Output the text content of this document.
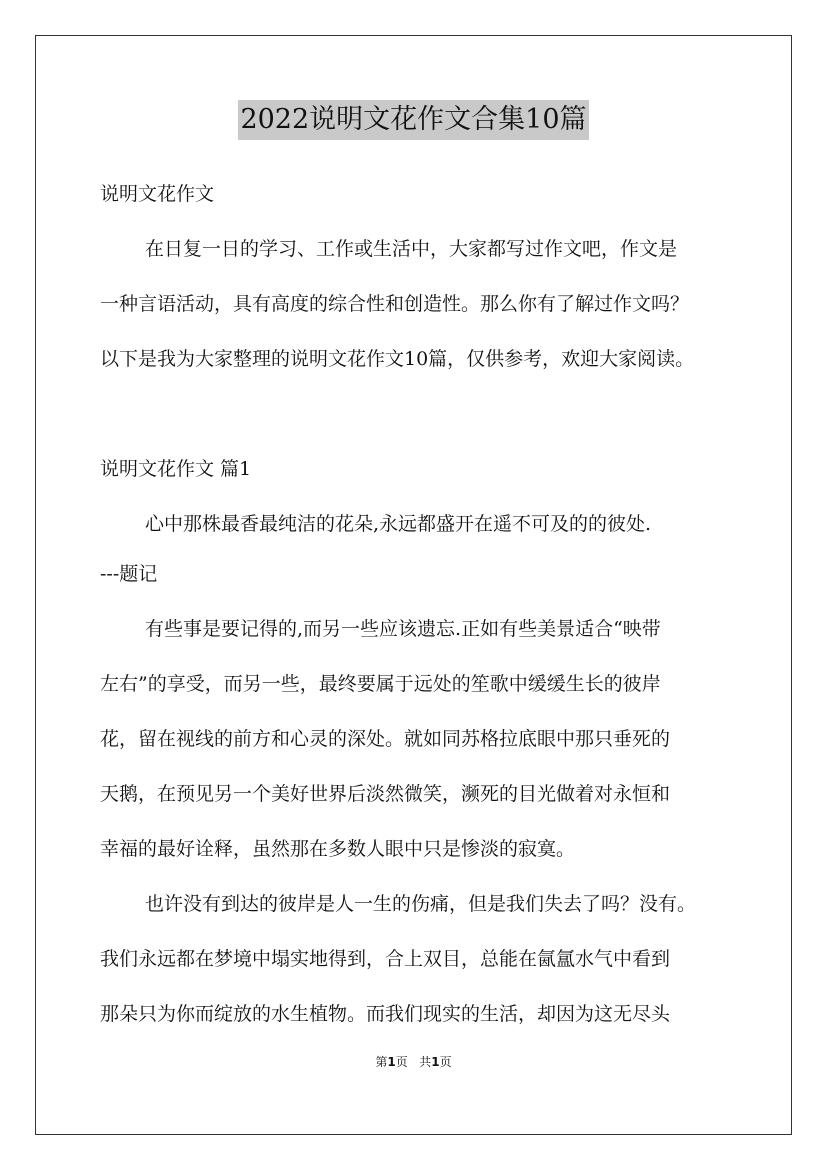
2022说明文花作文合集10篇
说明文花作文
在日复一日的学习、工作或生活中，大家都写过作文吧，作文是
一种言语活动，具有高度的综合性和创造性。那么你有了解过作文吗？
以下是我为大家整理的说明文花作文10篇，仅供参考，欢迎大家阅读。
说明文花作文 篇1
心中那株最香最纯洁的花朵,永远都盛开在遥不可及的的彼处.
---题记
有些事是要记得的,而另一些应该遗忘.正如有些美景适合“映带
左右”的享受，而另一些，最终要属于远处的笙歌中缓缓生长的彼岸
花，留在视线的前方和心灵的深处。就如同苏格拉底眼中那只垂死的
天鹅，在预见另一个美好世界后淡然微笑，濒死的目光做着对永恒和
幸福的最好诠释，虽然那在多数人眼中只是惨淡的寂寞。
也许没有到达的彼岸是人一生的伤痛，但是我们失去了吗？没有。
我们永远都在梦境中塌实地得到，合上双目，总能在氤氲水气中看到
那朵只为你而绽放的水生植物。而我们现实的生活，却因为这无尽头
第1页 共1页
